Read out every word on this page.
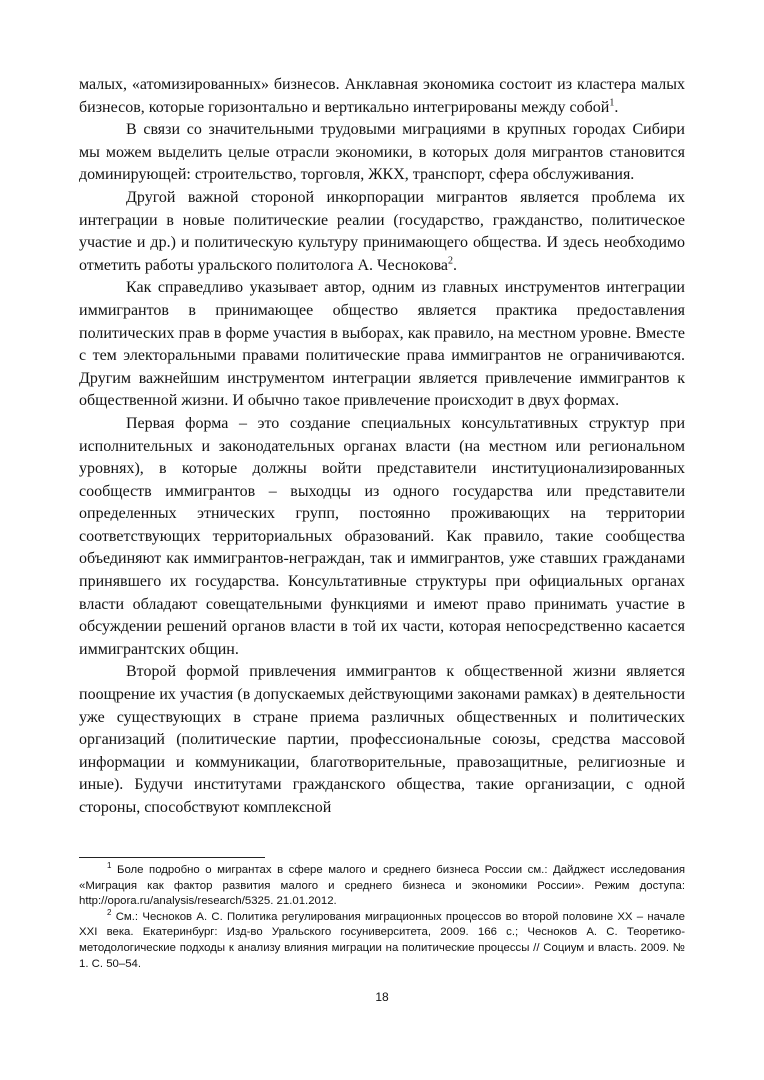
малых, «атомизированных» бизнесов. Анклавная экономика состоит из кластера малых бизнесов, которые горизонтально и вертикально интегрированы между собой$^1$.

В связи со значительными трудовыми миграциями в крупных городах Сибири мы можем выделить целые отрасли экономики, в которых доля мигрантов становится доминирующей: строительство, торговля, ЖКХ, транспорт, сфера обслуживания.

Другой важной стороной инкорпорации мигрантов является проблема их интеграции в новые политические реалии (государство, гражданство, политическое участие и др.) и политическую культуру принимающего общества. И здесь необходимо отметить работы уральского политолога А. Чеснокова$^2$.

Как справедливо указывает автор, одним из главных инструментов интеграции иммигрантов в принимающее общество является практика предоставления политических прав в форме участия в выборах, как правило, на местном уровне. Вместе с тем электоральными правами политические права иммигрантов не ограничиваются. Другим важнейшим инструментом интеграции является привлечение иммигрантов к общественной жизни. И обычно такое привлечение происходит в двух формах.

Первая форма – это создание специальных консультативных структур при исполнительных и законодательных органах власти (на местном или региональном уровнях), в которые должны войти представители институционализированных сообществ иммигрантов – выходцы из одного государства или представители определенных этнических групп, постоянно проживающих на территории соответствующих территориальных образований. Как правило, такие сообщества объединяют как иммигрантов-неграждан, так и иммигрантов, уже ставших гражданами принявшего их государства. Консультативные структуры при официальных органах власти обладают совещательными функциями и имеют право принимать участие в обсуждении решений органов власти в той их части, которая непосредственно касается иммигрантских общин.

Второй формой привлечения иммигрантов к общественной жизни является поощрение их участия (в допускаемых действующими законами рамках) в деятельности уже существующих в стране приема различных общественных и политических организаций (политические партии, профессиональные союзы, средства массовой информации и коммуникации, благотворительные, правозащитные, религиозные и иные). Будучи институтами гражданского общества, такие организации, с одной стороны, способствуют комплексной

$^1$ Боле подробно о мигрантах в сфере малого и среднего бизнеса России см.: Дайджест исследования «Миграция как фактор развития малого и среднего бизнеса и экономики России». Режим доступа: http://opora.ru/analysis/research/5325. 21.01.2012.

$^2$ См.: Чесноков А. С. Политика регулирования миграционных процессов во второй половине XX – начале XXI века. Екатеринбург: Изд-во Уральского госуниверситета, 2009. 166 с.; Чесноков А. С. Теоретико-методологические подходы к анализу влияния миграции на политические процессы // Социум и власть. 2009. № 1. С. 50–54.

18
